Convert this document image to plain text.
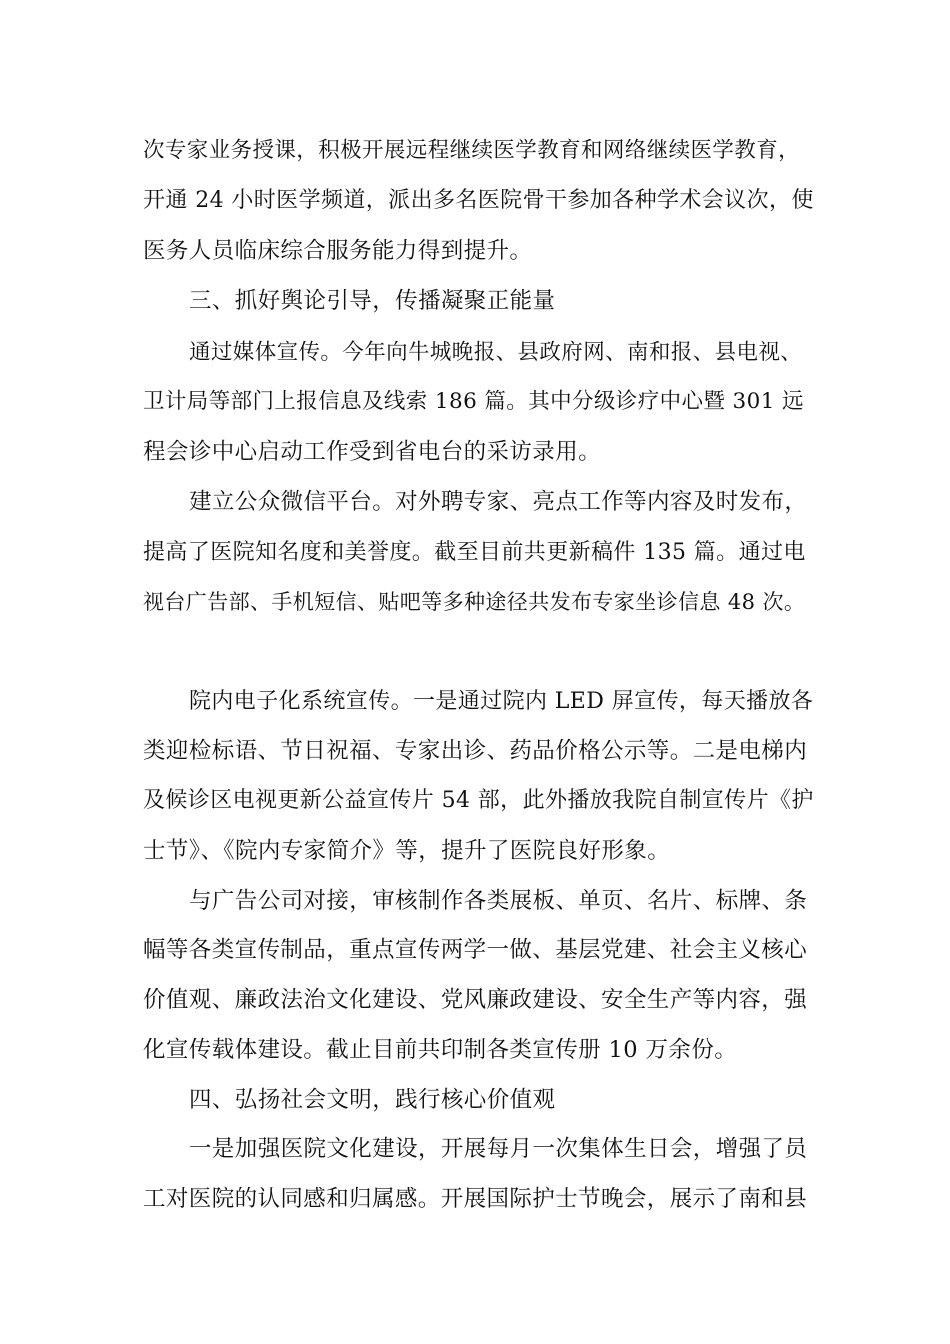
次专家业务授课，积极开展远程继续医学教育和网络继续医学教育，
开通 24 小时医学频道，派出多名医院骨干参加各种学术会议次，使
医务人员临床综合服务能力得到提升。
三、抓好舆论引导，传播凝聚正能量
通过媒体宣传。今年向牛城晚报、县政府网、南和报、县电视、
卫计局等部门上报信息及线索 186 篇。其中分级诊疗中心暨 301 远
程会诊中心启动工作受到省电台的采访录用。
建立公众微信平台。对外聘专家、亮点工作等内容及时发布，
提高了医院知名度和美誉度。截至目前共更新稿件 135 篇。通过电
视台广告部、手机短信、贴吧等多种途径共发布专家坐诊信息 48 次。
院内电子化系统宣传。一是通过院内 LED 屏宣传，每天播放各
类迎检标语、节日祝福、专家出诊、药品价格公示等。二是电梯内
及候诊区电视更新公益宣传片 54 部，此外播放我院自制宣传片《护
士节》、《院内专家简介》等，提升了医院良好形象。
与广告公司对接，审核制作各类展板、单页、名片、标牌、条
幅等各类宣传制品，重点宣传两学一做、基层党建、社会主义核心
价值观、廉政法治文化建设、党风廉政建设、安全生产等内容，强
化宣传载体建设。截止目前共印制各类宣传册 10 万余份。
四、弘扬社会文明，践行核心价值观
一是加强医院文化建设，开展每月一次集体生日会，增强了员
工对医院的认同感和归属感。开展国际护士节晚会，展示了南和县
